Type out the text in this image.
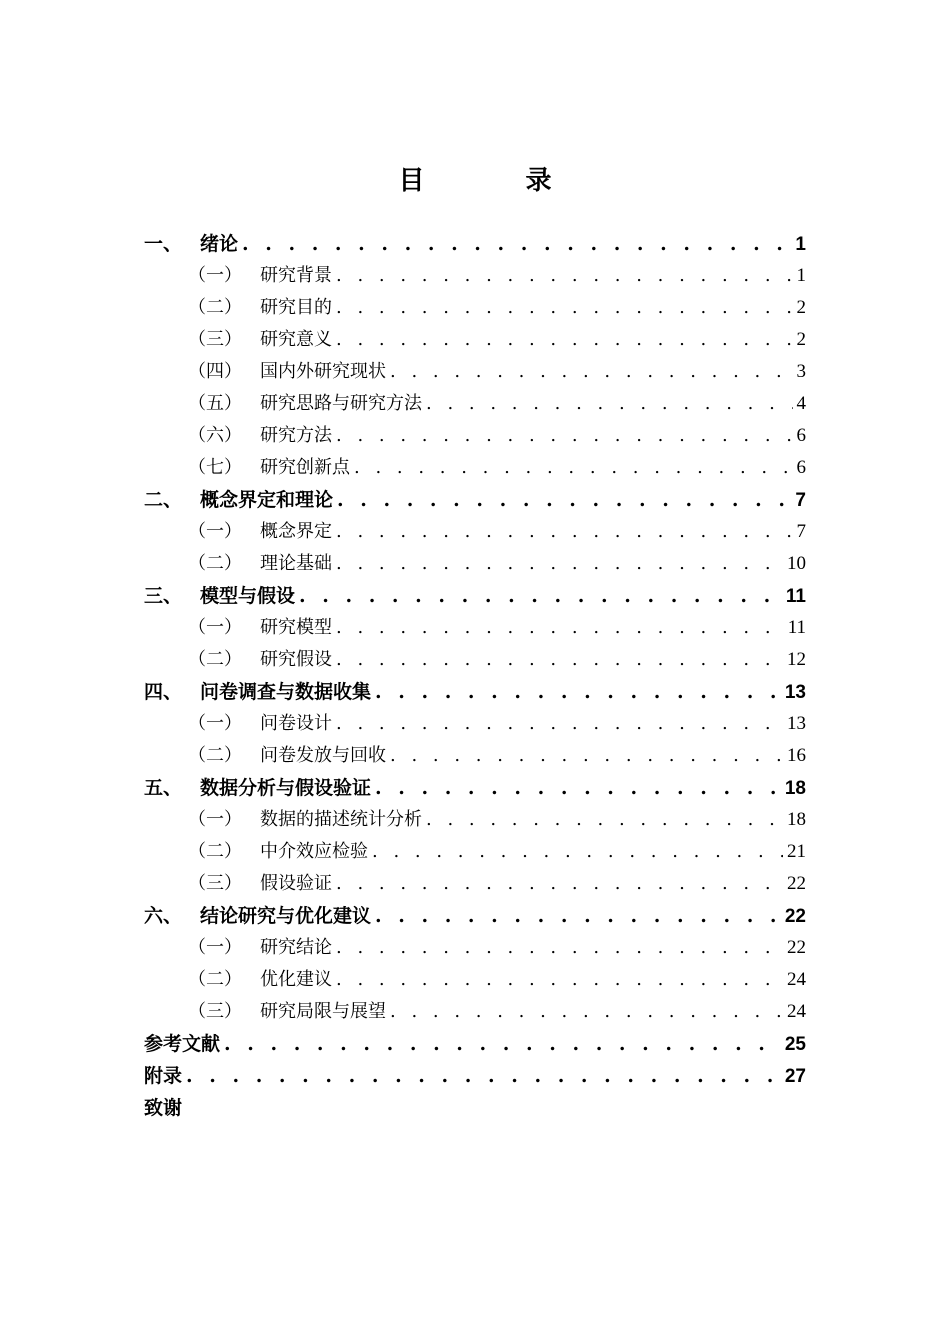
目 录
一、 绪论 . . .	1
（一）	研究背景 . . .	1
（二）	研究目的 . . .	2
（三）	研究意义 . . .	2
（四）	国内外研究现状 . . .	3
（五）	研究思路与研究方法 . . .	4
（六）	研究方法 . . .	6
（七）	研究创新点 . . .	6
二、 概念界定和理论 . . .	7
（一）	概念界定 . . .	7
（二）	理论基础 . . .	10
三、 模型与假设 . . .	11
（一）	研究模型 . . .	11
（二）	研究假设 . . .	12
四、 问卷调查与数据收集 . . .	13
（一）	问卷设计 . . .	13
（二）	问卷发放与回收 . . .	16
五、 数据分析与假设验证 . . .	18
（一）	数据的描述统计分析 . . .	18
（二）	中介效应检验 . . .	21
（三）	假设验证 . . .	22
六、 结论研究与优化建议 . . .	22
（一）	研究结论 . . .	22
（二）	优化建议 . . .	24
（三）	研究局限与展望 . . .	24
参考文献 . . .	25
附录 . . .	27
致谢
